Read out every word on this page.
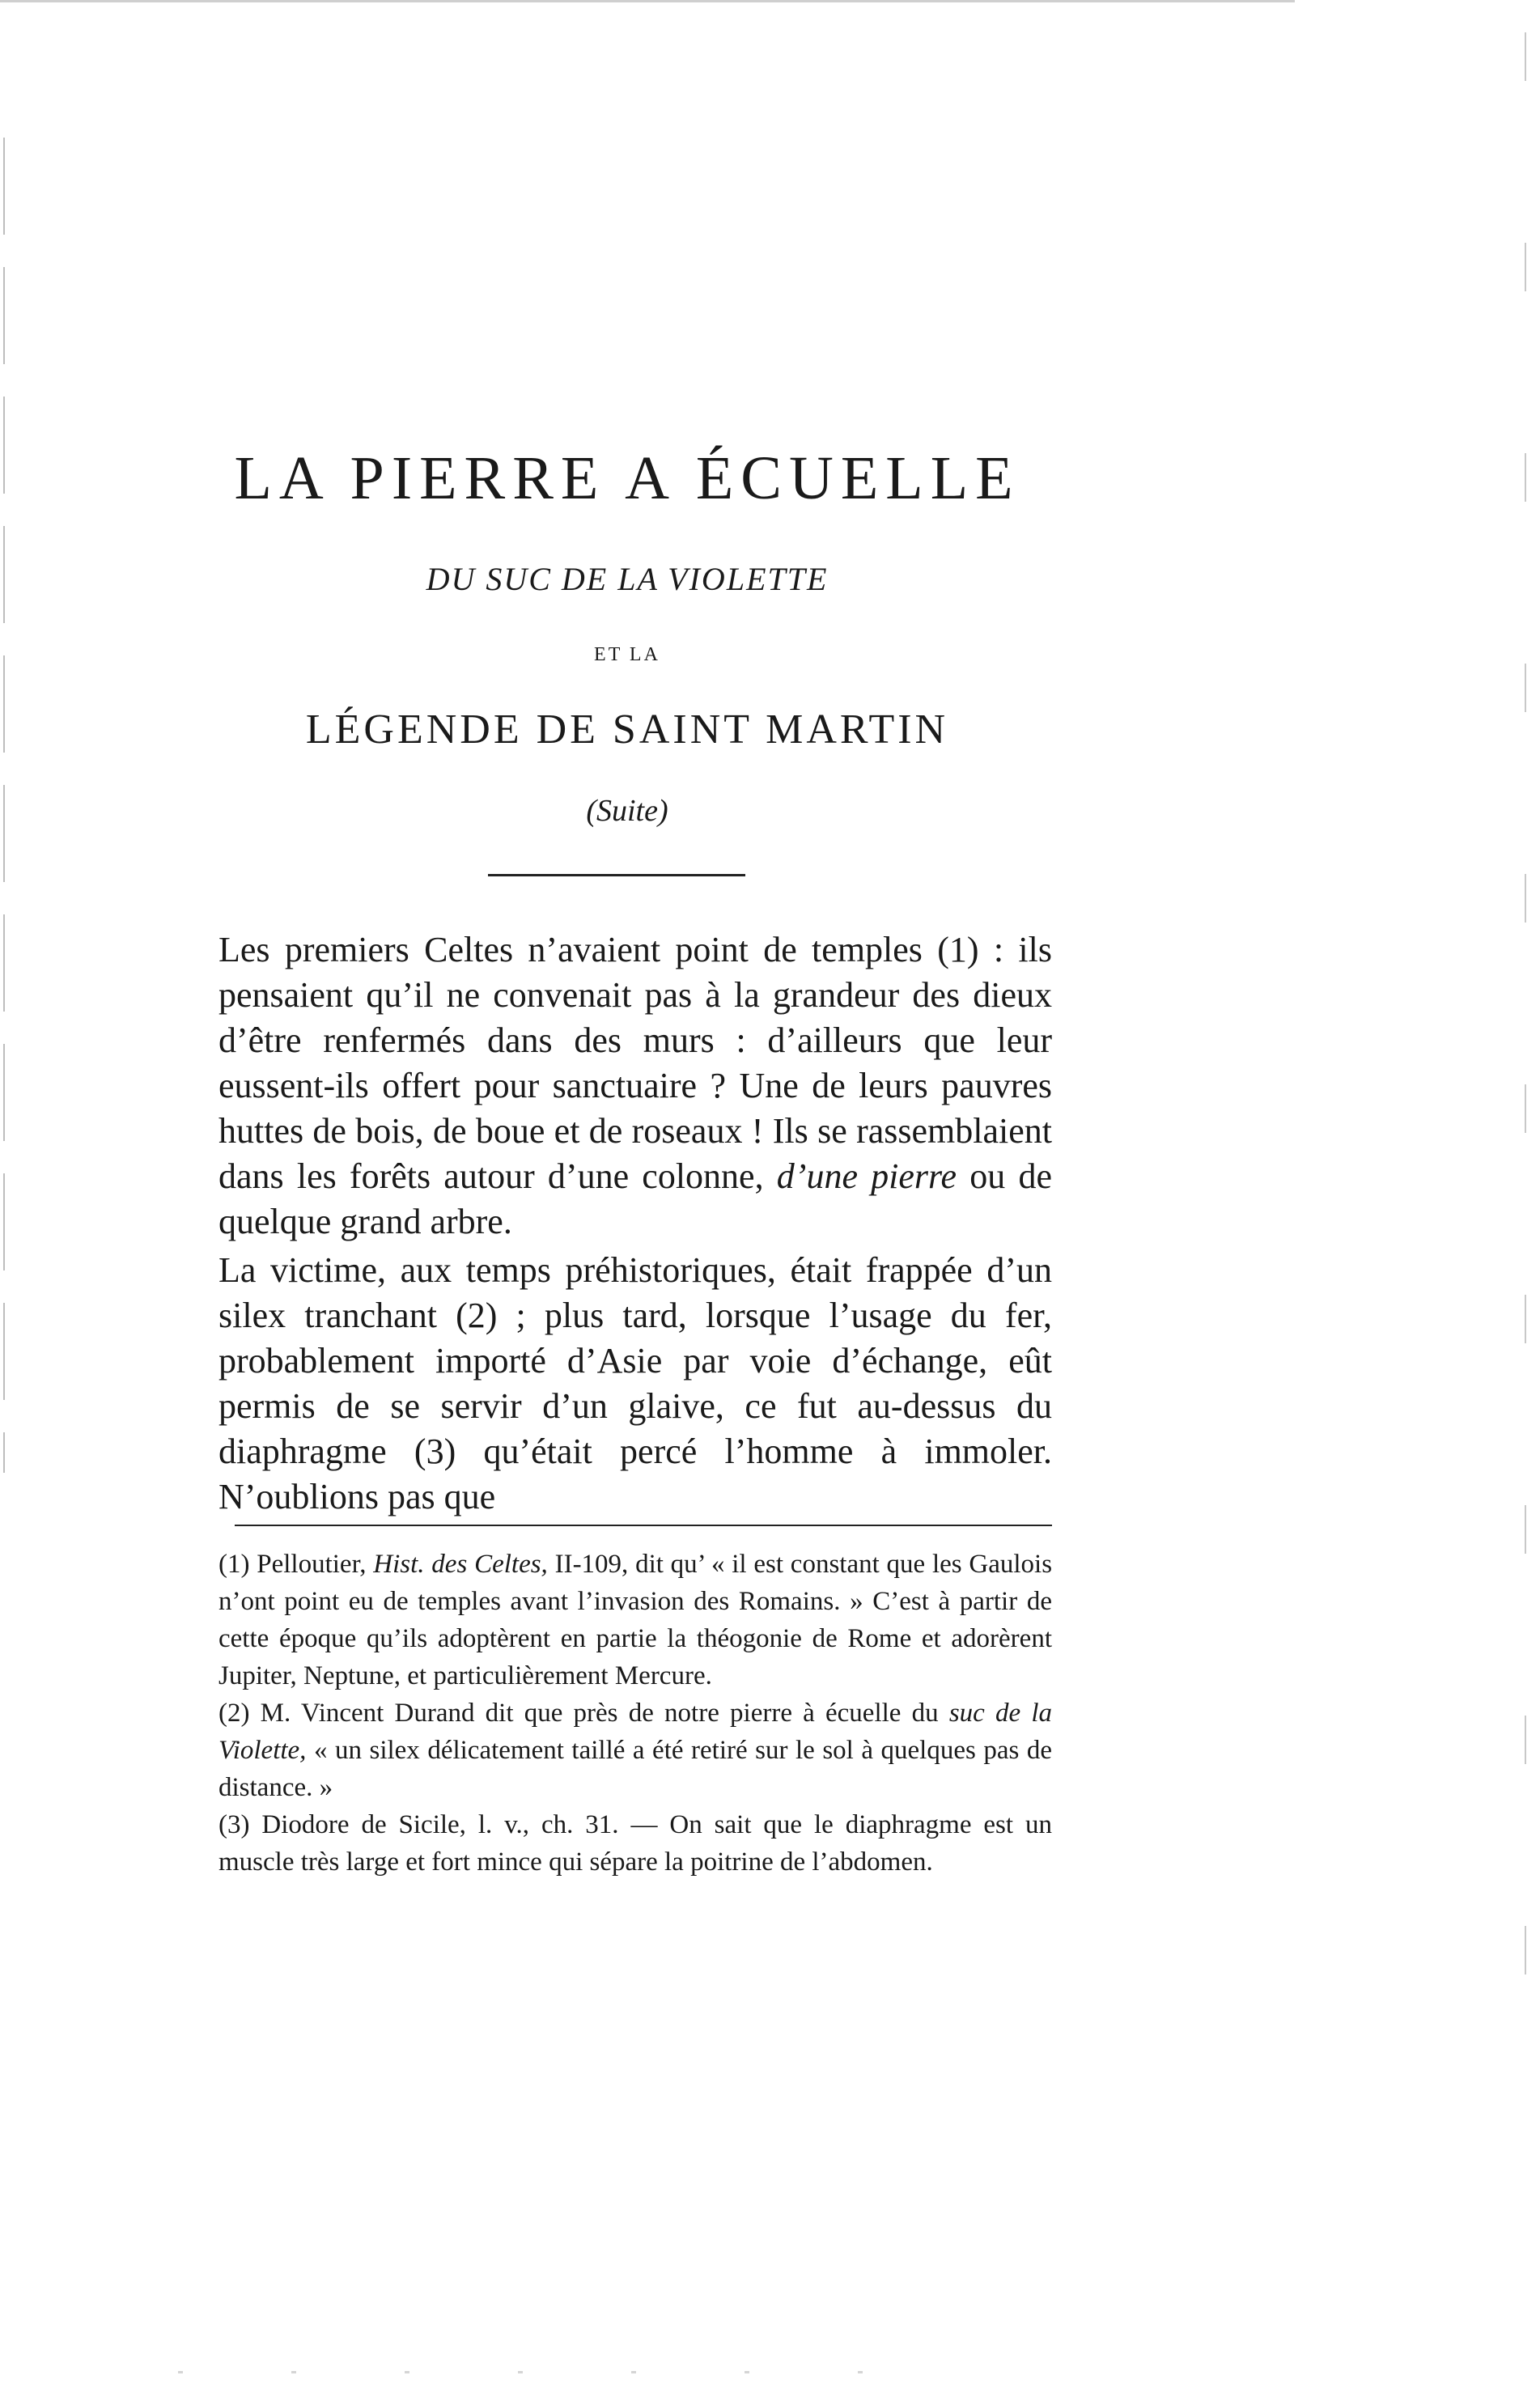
LA PIERRE A ÉCUELLE
DU SUC DE LA VIOLETTE
ET LA
LÉGENDE DE SAINT MARTIN
(Suite)

Les premiers Celtes n’avaient point de temples (1) : ils pensaient qu’il ne convenait pas à la grandeur des dieux d’être renfermés dans des murs : d’ailleurs que leur eussent-ils offert pour sanctuaire ? Une de leurs pauvres huttes de bois, de boue et de roseaux ! Ils se rassemblaient dans les forêts autour d’une colonne, d’une pierre ou de quelque grand arbre.

La victime, aux temps préhistoriques, était frappée d’un silex tranchant (2) ; plus tard, lorsque l’usage du fer, probablement importé d’Asie par voie d’échange, eût permis de se servir d’un glaive, ce fut au-dessus du diaphragme (3) qu’était percé l’homme à immoler. N’oublions pas que

(1) Pelloutier, Hist. des Celtes, II-109, dit qu’ « il est constant que les Gaulois n’ont point eu de temples avant l’invasion des Romains. » C’est à partir de cette époque qu’ils adoptèrent en partie la théogonie de Rome et adorèrent Jupiter, Neptune, et particulièrement Mercure.

(2) M. Vincent Durand dit que près de notre pierre à écuelle du suc de la Violette, « un silex délicatement taillé a été retiré sur le sol à quelques pas de distance. »

(3) Diodore de Sicile, l. v., ch. 31. — On sait que le diaphragme est un muscle très large et fort mince qui sépare la poitrine de l’abdomen.
